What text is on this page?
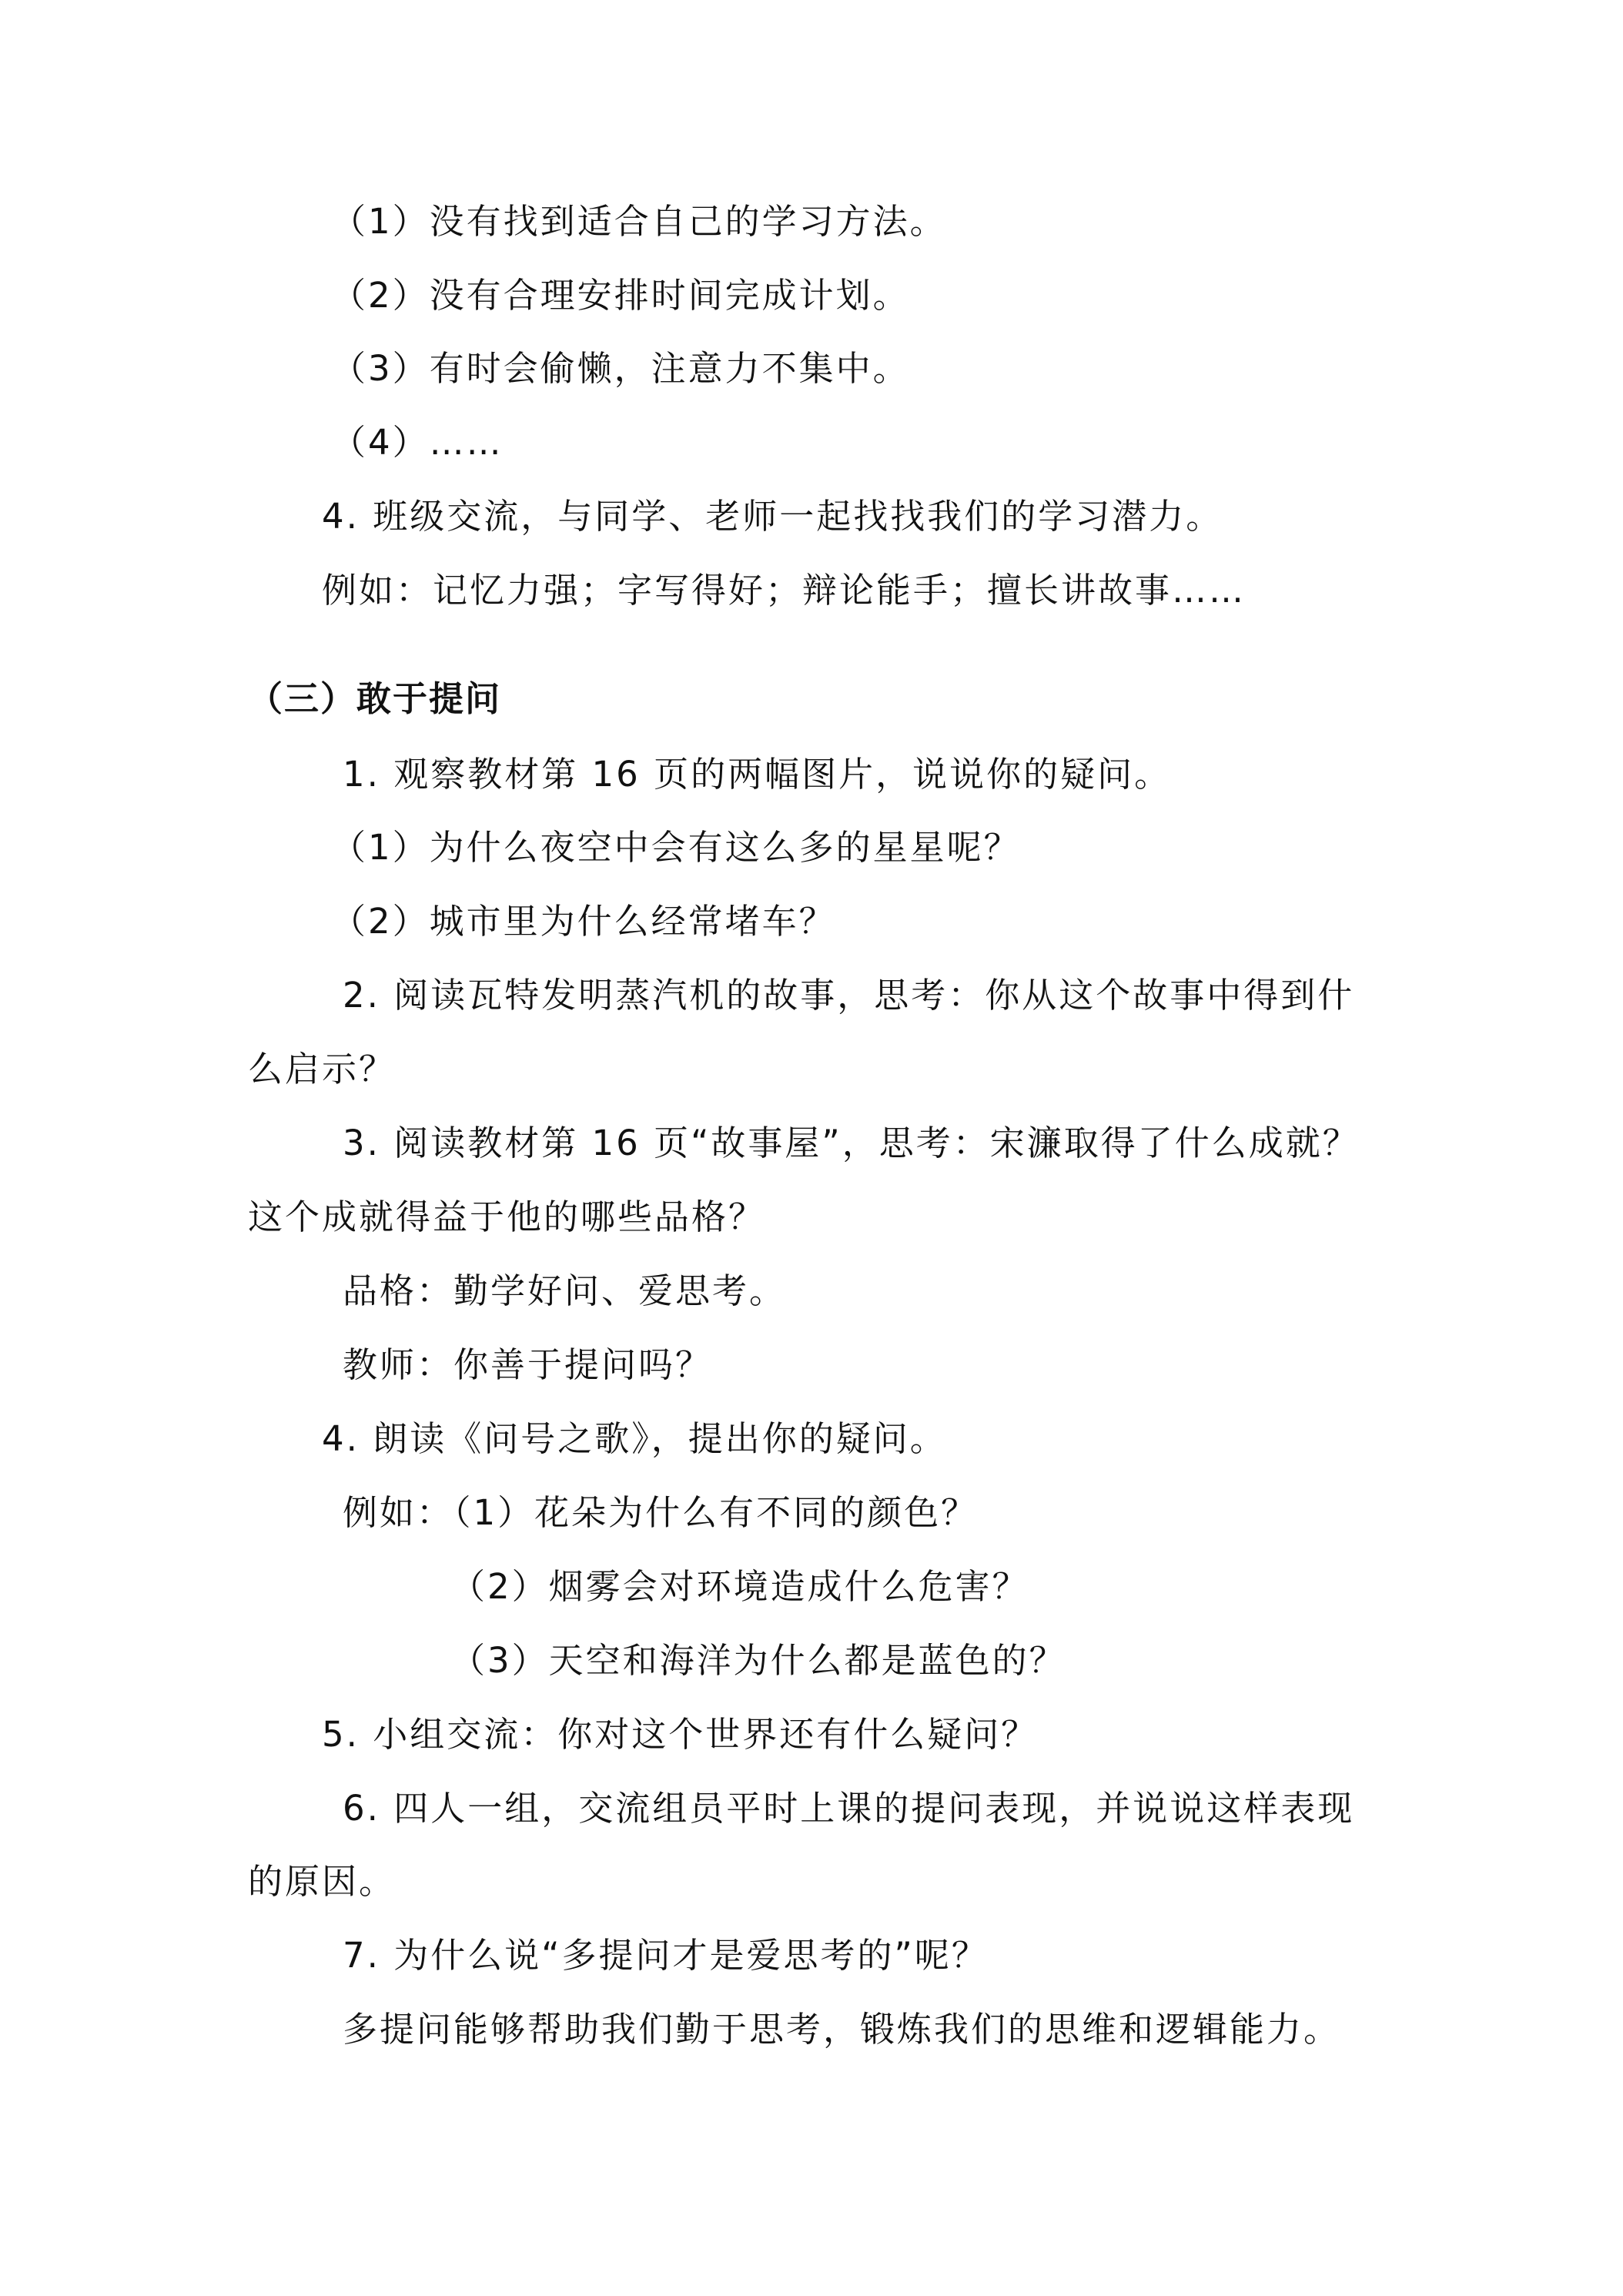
（1）没有找到适合自己的学习方法。
（2）没有合理安排时间完成计划。
（3）有时会偷懒，注意力不集中。
（4）……
4. 班级交流，与同学、老师一起找找我们的学习潜力。
例如：记忆力强；字写得好；辩论能手；擅长讲故事……
（三）敢于提问
1. 观察教材第 16 页的两幅图片，说说你的疑问。
（1）为什么夜空中会有这么多的星星呢？
（2）城市里为什么经常堵车？
2. 阅读瓦特发明蒸汽机的故事，思考：你从这个故事中得到什
么启示？
3. 阅读教材第 16 页“故事屋”，思考：宋濂取得了什么成就？
这个成就得益于他的哪些品格？
品格：勤学好问、爱思考。
教师：你善于提问吗？
4. 朗读《问号之歌》，提出你的疑问。
例如：（1）花朵为什么有不同的颜色？
（2）烟雾会对环境造成什么危害？
（3）天空和海洋为什么都是蓝色的？
5. 小组交流：你对这个世界还有什么疑问？
6. 四人一组，交流组员平时上课的提问表现，并说说这样表现
的原因。
7. 为什么说“多提问才是爱思考的”呢？
多提问能够帮助我们勤于思考，锻炼我们的思维和逻辑能力。
